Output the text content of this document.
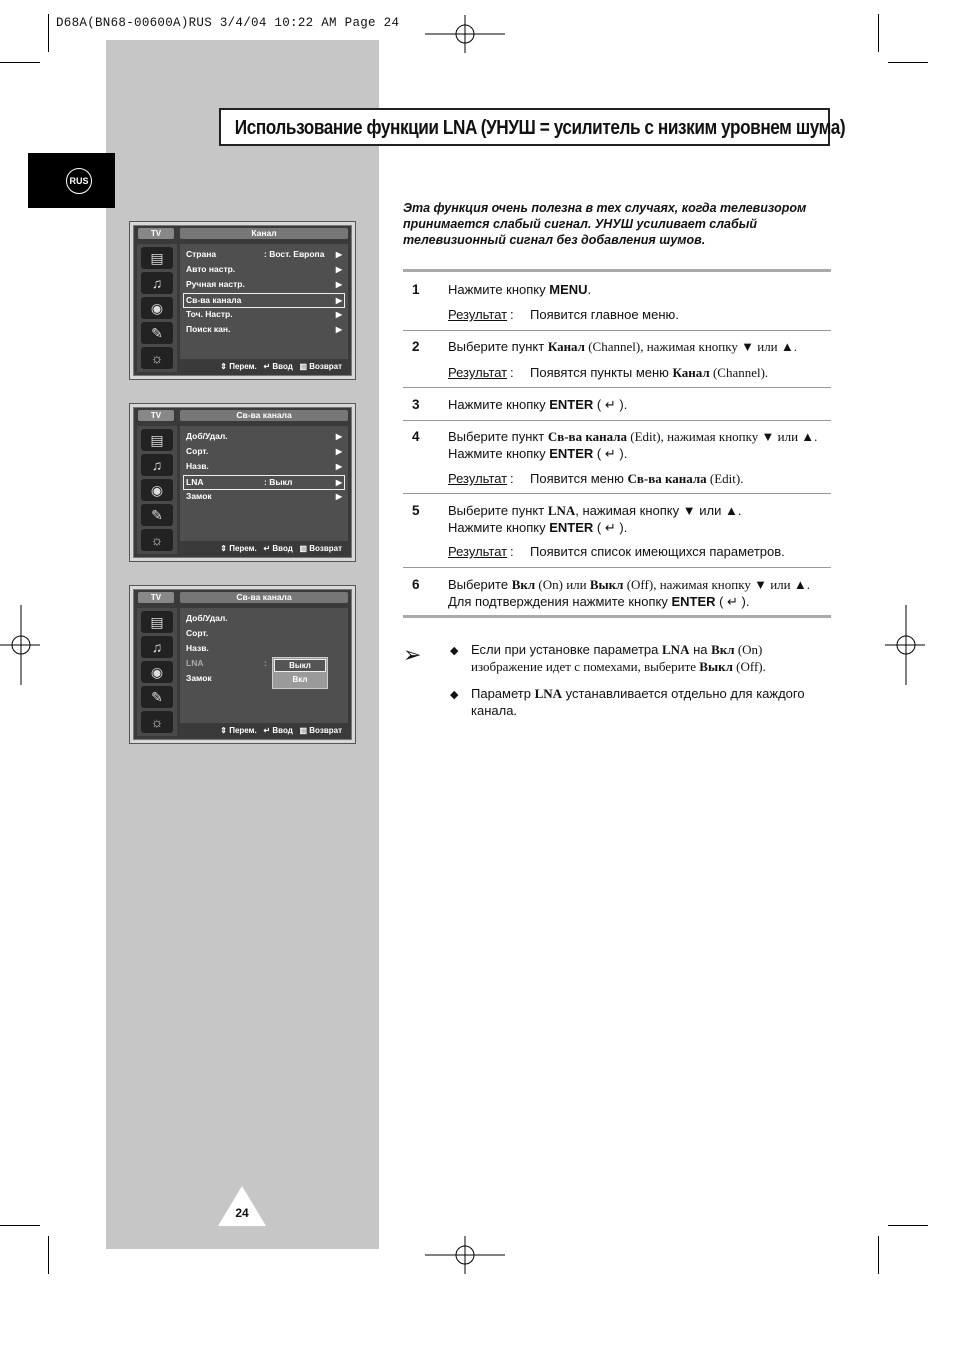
D68A(BN68-00600A)RUS 3/4/04 10:22 AM Page 24
RUS
Использование функции LNA (УНУШ = усилитель с низким уровнем шума)
Эта функция очень полезна в тех случаях, когда телевизором принимается слабый сигнал. УНУШ усиливает слабый телевизионный сигнал без добавления шумов.
1 Нажмите кнопку MENU.
Результат : Появится главное меню.
2 Выберите пункт Канал (Channel), нажимая кнопку ▼ или ▲.
Результат : Появятся пункты меню Канал (Channel).
3 Нажмите кнопку ENTER ( ↵ ).
4 Выберите пункт Св-ва канала (Edit), нажимая кнопку ▼ или ▲.
Нажмите кнопку ENTER ( ↵ ).
Результат : Появится меню Св-ва канала (Edit).
5 Выберите пункт LNA, нажимая кнопку ▼ или ▲.
Нажмите кнопку ENTER ( ↵ ).
Результат : Появится список имеющихся параметров.
6 Выберите Вкл (On) или Выкл (Off), нажимая кнопку ▼ или ▲.
Для подтверждения нажмите кнопку ENTER ( ↵ ).
➢	◆ Если при установке параметра LNA на Вкл (On) изображение идет с помехами, выберите Выкл (Off).
◆ Параметр LNA устанавливается отдельно для каждого канала.
TV	Канал
▤
♫
◉
✎
☼
Страна	: Вост. Европа ▶
Авто настр.	▶
Ручная настр.	▶
Св-ва канала	▶
Точ. Настр.	▶
Поиск кан.	▶
⇕ Перем.   ↵ Ввод   ▥ Возврат
TV	Св-ва канала
▤
♫
◉
✎
☼
Доб/Удал.	▶
Сорт.	▶
Назв.	▶
LNA	: Выкл	▶
Замок	▶
⇕ Перем.   ↵ Ввод   ▥ Возврат
TV	Св-ва канала
▤
♫
◉
✎
☼
Доб/Удал.
Сорт.
Назв.
LNA	:
Замок
Выкл
Вкл
⇕ Перем.   ↵ Ввод   ▥ Возврат
24
